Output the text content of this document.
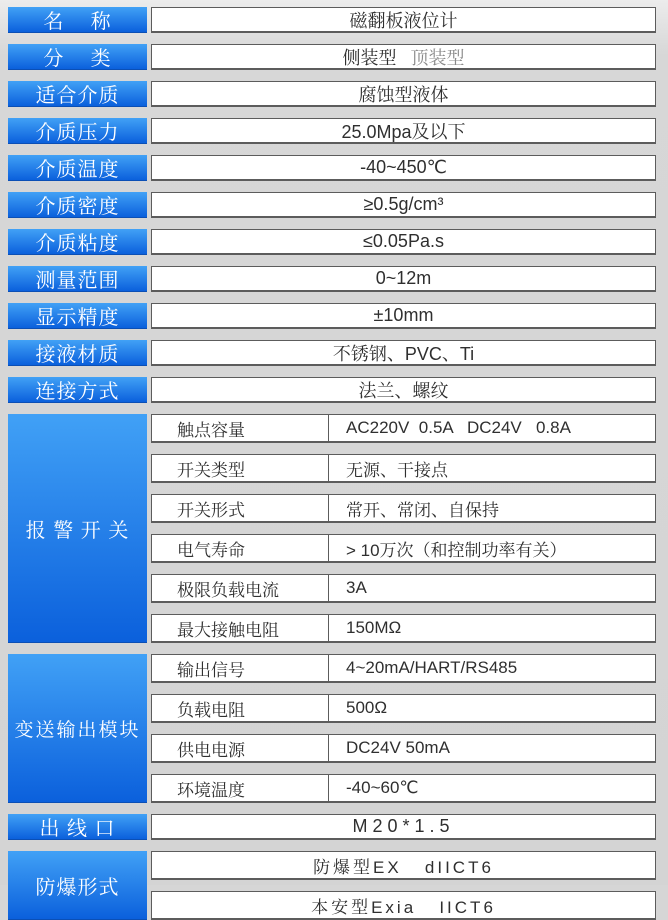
名    称	磁翻板液位计
分    类	侧装型 顶装型
适合介质	腐蚀型液体
介质压力	25.0Mpa及以下
介质温度	-40~450℃
介质密度	≥0.5g/cm³
介质粘度	≤0.05Pa.s
测量范围	0~12m
显示精度	±10mm
接液材质	不锈钢、PVC、Ti
连接方式	法兰、螺纹
报 警 开 关
触点容量	AC220V  0.5A   DC24V   0.8A
开关类型	无源、干接点
开关形式	常开、常闭、自保持
电气寿命	> 10万次（和控制功率有关）
极限负载电流	3A
最大接触电阻	150MΩ
变送输出模块
输出信号	4~20mA/HART/RS485
负载电阻	500Ω
供电电源	DC24V 50mA
环境温度	-40~60℃
出 线 口	M20*1.5
防爆形式
防爆型EX   dIICT6
本安型Exia   IICT6
